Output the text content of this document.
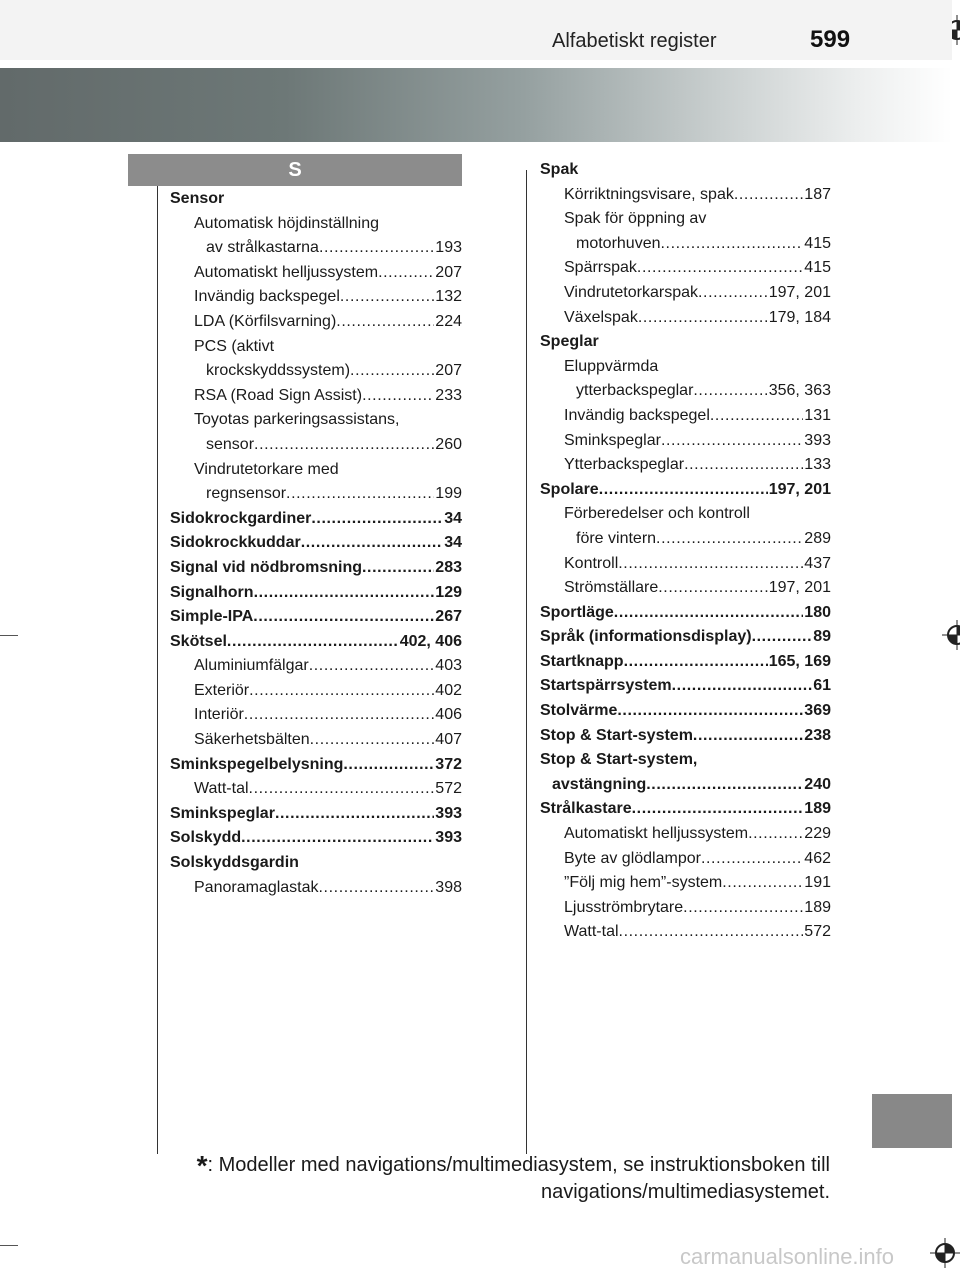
Alfabetiskt register	599
S
Sensor
Automatisk höjdinställning
av strålkastarna .....	193
Automatiskt helljussystem .....	207
Invändig backspegel .....	132
LDA (Körfilsvarning) .....	224
PCS (aktivt
krockskyddssystem) .....	207
RSA (Road Sign Assist) .....	233
Toyotas parkeringsassistans,
sensor .....	260
Vindrutetorkare med
regnsensor .....	199
Sidokrockgardiner .....	34
Sidokrockkuddar .....	34
Signal vid nödbromsning .....	283
Signalhorn .....	129
Simple-IPA .....	267
Skötsel .....	402, 406
Aluminiumfälgar .....	403
Exteriör .....	402
Interiör .....	406
Säkerhetsbälten .....	407
Sminkspegelbelysning .....	372
Watt-tal .....	572
Sminkspeglar .....	393
Solskydd .....	393
Solskyddsgardin
Panoramaglastak .....	398
Spak
Körriktningsvisare, spak .....	187
Spak för öppning av
motorhuven .....	415
Spärrspak .....	415
Vindrutetorkarspak .....	197, 201
Växelspak .....	179, 184
Speglar
Eluppvärmda
ytterbackspeglar .....	356, 363
Invändig backspegel .....	131
Sminkspeglar .....	393
Ytterbackspeglar .....	133
Spolare .....	197, 201
Förberedelser och kontroll
före vintern .....	289
Kontroll .....	437
Strömställare .....	197, 201
Sportläge .....	180
Språk (informationsdisplay) .....	89
Startknapp .....	165, 169
Startspärrsystem .....	61
Stolvärme .....	369
Stop & Start-system .....	238
Stop & Start-system,
avstängning .....	240
Strålkastare .....	189
Automatiskt helljussystem .....	229
Byte av glödlampor .....	462
”Följ mig hem”-system .....	191
Ljusströmbrytare .....	189
Watt-tal .....	572
*: Modeller med navigations/multimediasystem, se instruktionsboken till
navigations/multimediasystemet.
carmanualsonline.info
